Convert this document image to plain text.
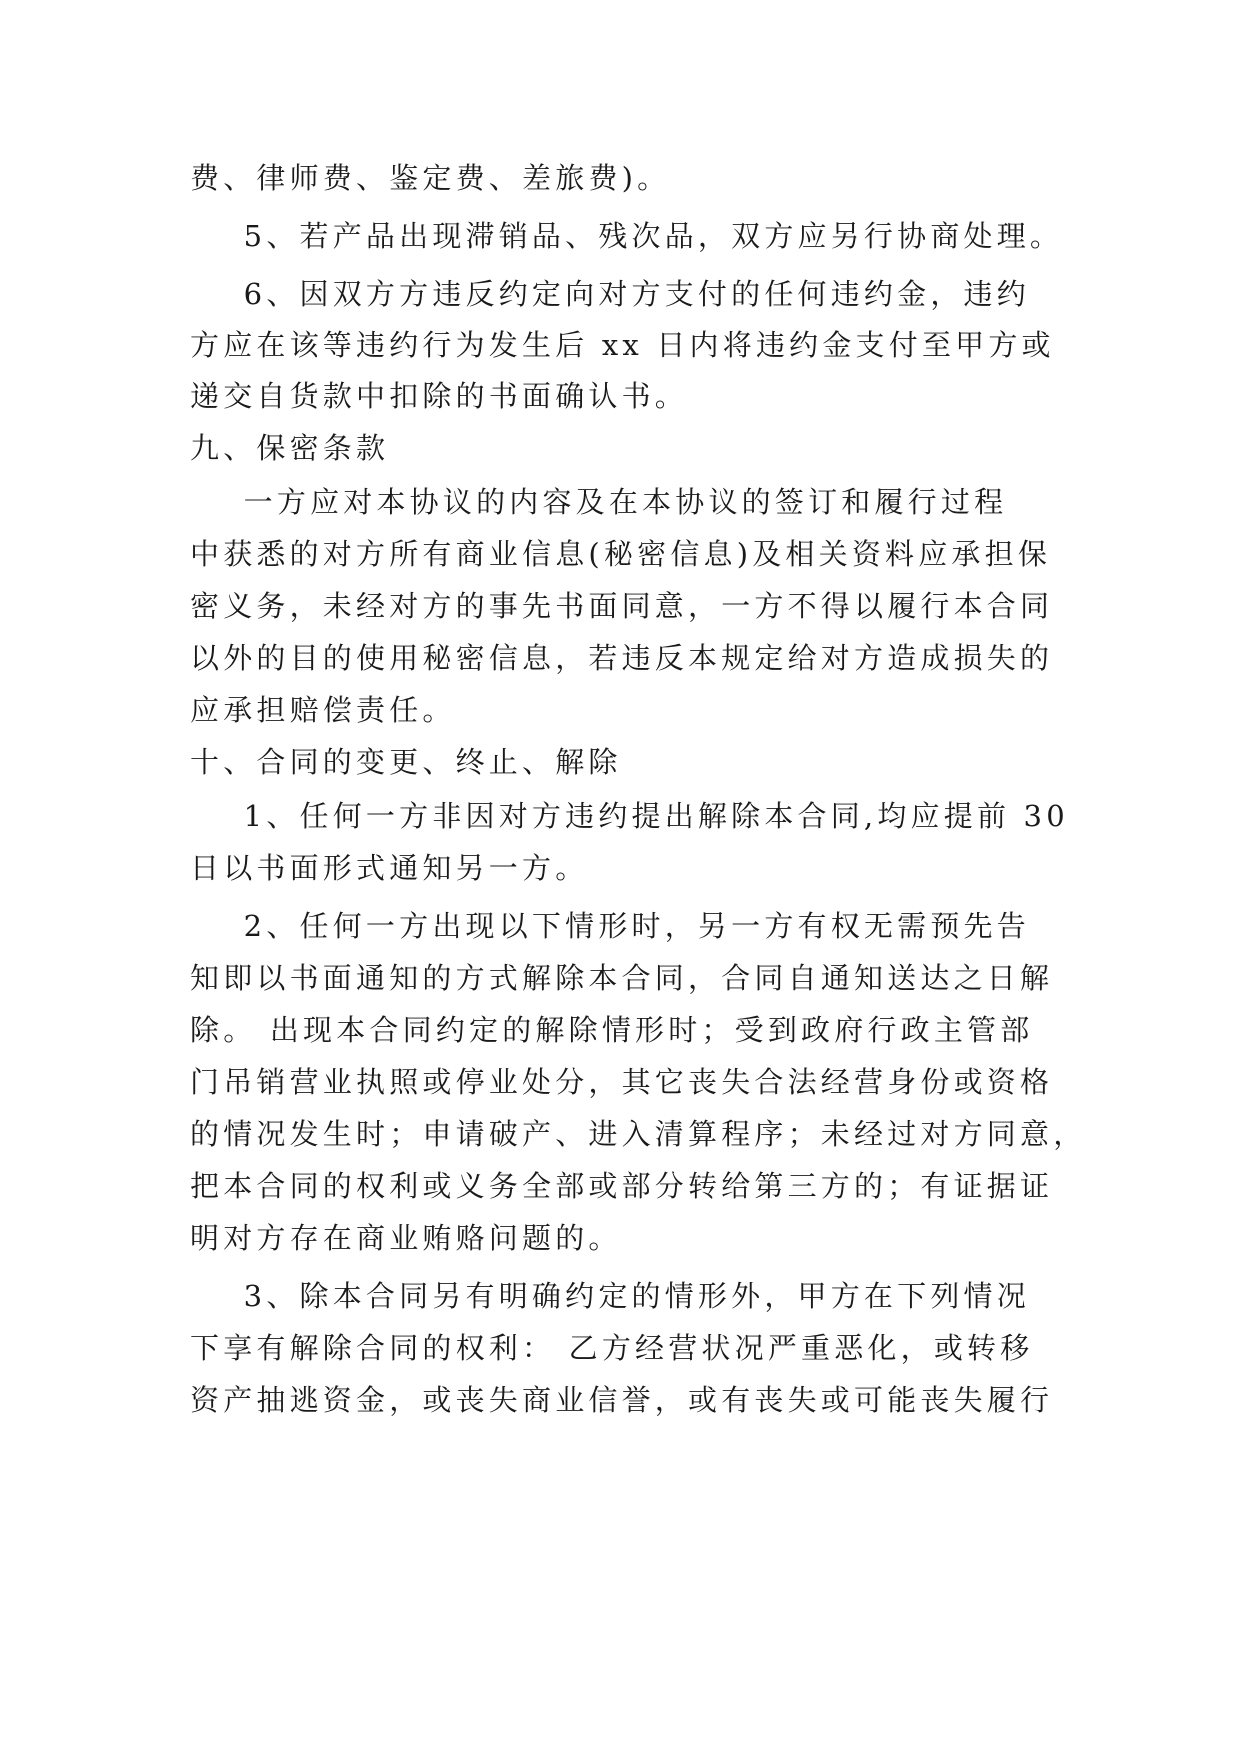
费、律师费、鉴定费、差旅费)。
5、若产品出现滞销品、残次品，双方应另行协商处理。
6、因双方方违反约定向对方支付的任何违约金，违约
方应在该等违约行为发生后 xx 日内将违约金支付至甲方或
递交自货款中扣除的书面确认书。
九、保密条款
一方应对本协议的内容及在本协议的签订和履行过程
中获悉的对方所有商业信息(秘密信息)及相关资料应承担保
密义务，未经对方的事先书面同意，一方不得以履行本合同
以外的目的使用秘密信息，若违反本规定给对方造成损失的
应承担赔偿责任。
十、合同的变更、终止、解除
1、任何一方非因对方违约提出解除本合同,均应提前 30
日以书面形式通知另一方。
2、任何一方出现以下情形时，另一方有权无需预先告
知即以书面通知的方式解除本合同，合同自通知送达之日解
除。 出现本合同约定的解除情形时；受到政府行政主管部
门吊销营业执照或停业处分，其它丧失合法经营身份或资格
的情况发生时；申请破产、进入清算程序；未经过对方同意，
把本合同的权利或义务全部或部分转给第三方的；有证据证
明对方存在商业贿赂问题的。
3、除本合同另有明确约定的情形外，甲方在下列情况
下享有解除合同的权利： 乙方经营状况严重恶化，或转移
资产抽逃资金，或丧失商业信誉，或有丧失或可能丧失履行
